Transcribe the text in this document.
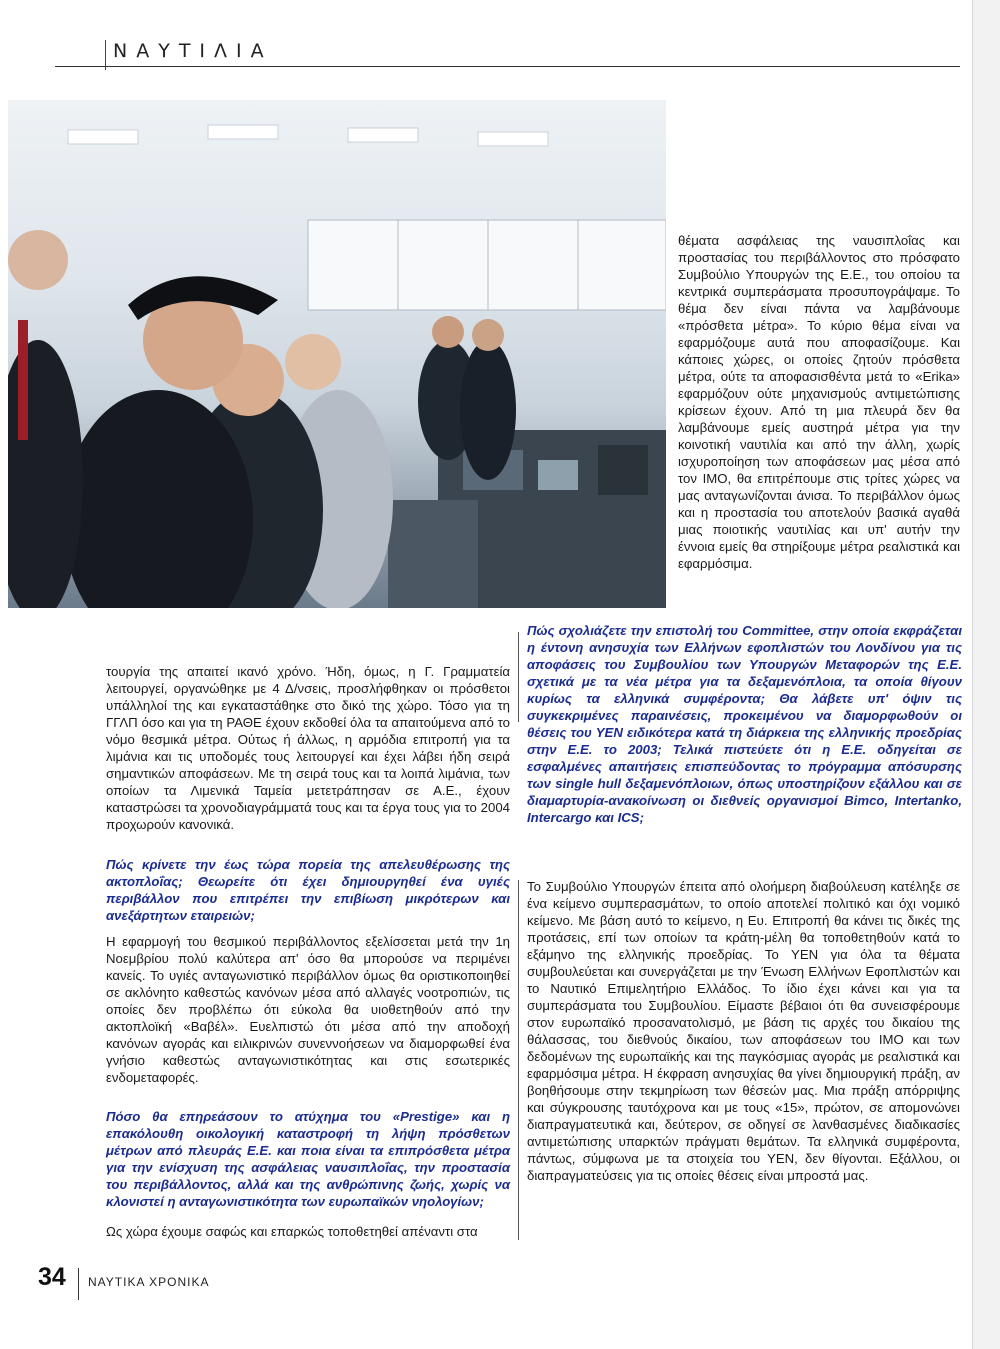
ΝΑΥΤΙΛΙΑ

θέματα ασφάλειας της ναυσιπλοΐας και προστασίας του περιβάλλοντος στο πρόσφατο Συμβούλιο Υπουργών της Ε.Ε., του οποίου τα κεντρικά συμπεράσματα προσυπογράψαμε. Το θέμα δεν είναι πάντα να λαμβάνουμε «πρόσθετα μέτρα». Το κύριο θέμα είναι να εφαρμόζουμε αυτά που αποφασίζουμε. Και κάποιες χώρες, οι οποίες ζητούν πρόσθετα μέτρα, ούτε τα αποφασισθέντα μετά το «Erika» εφαρμόζουν ούτε μηχανισμούς αντιμετώπισης κρίσεων έχουν. Από τη μια πλευρά δεν θα λαμβάνουμε εμείς αυστηρά μέτρα για την κοινοτική ναυτιλία και από την άλλη, χωρίς ισχυροποίηση των αποφάσεων μας μέσα από τον IMO, θα επιτρέπουμε στις τρίτες χώρες να μας ανταγωνίζονται άνισα. Το περιβάλλον όμως και η προστασία του αποτελούν βασικά αγαθά μιας ποιοτικής ναυτιλίας και υπ' αυτήν την έννοια εμείς θα στηρίξουμε μέτρα ρεαλιστικά και εφαρμόσιμα.

Πώς σχολιάζετε την επιστολή του Committee, στην οποία εκφράζεται η έντονη ανησυχία των Ελλήνων εφοπλιστών του Λονδίνου για τις αποφάσεις του Συμβουλίου των Υπουργών Μεταφορών της Ε.Ε. σχετικά με τα νέα μέτρα για τα δεξαμενόπλοια, τα οποία θίγουν κυρίως τα ελληνικά συμφέροντα; Θα λάβετε υπ' όψιν τις συγκεκριμένες παραινέσεις, προκειμένου να διαμορφωθούν οι θέσεις του ΥΕΝ ειδικότερα κατά τη διάρκεια της ελληνικής προεδρίας στην Ε.Ε. το 2003; Τελικά πιστεύετε ότι η Ε.Ε. οδηγείται σε εσφαλμένες απαιτήσεις επισπεύδοντας το πρόγραμμα απόσυρσης των single hull δεξαμενόπλοιων, όπως υποστηρίζουν εξάλλου και σε διαμαρτυρία-ανακοίνωση οι διεθνείς οργανισμοί Bimco, Intertanko, Intercargo και ICS;

Το Συμβούλιο Υπουργών έπειτα από ολοήμερη διαβούλευση κατέληξε σε ένα κείμενο συμπερασμάτων, το οποίο αποτελεί πολιτικό και όχι νομικό κείμενο. Με βάση αυτό το κείμενο, η Ευ. Επιτροπή θα κάνει τις δικές της προτάσεις, επί των οποίων τα κράτη-μέλη θα τοποθετηθούν κατά το εξάμηνο της ελληνικής προεδρίας. Το ΥΕΝ για όλα τα θέματα συμβουλεύεται και συνεργάζεται με την Ένωση Ελλήνων Εφοπλιστών και το Ναυτικό Επιμελητήριο Ελλάδος. Το ίδιο έχει κάνει και για τα συμπεράσματα του Συμβουλίου. Είμαστε βέβαιοι ότι θα συνεισφέρουμε στον ευρωπαϊκό προσανατολισμό, με βάση τις αρχές του δικαίου της θάλασσας, του διεθνούς δικαίου, των αποφάσεων του IMO και των δεδομένων της ευρωπαϊκής και της παγκόσμιας αγοράς με ρεαλιστικά και εφαρμόσιμα μέτρα. Η έκφραση ανησυχίας θα γίνει δημιουργική πράξη, αν βοηθήσουμε στην τεκμηρίωση των θέσεών μας. Μια πράξη απόρριψης και σύγκρουσης ταυτόχρονα και με τους «15», πρώτον, σε απομονώνει διαπραγματευτικά και, δεύτερον, σε οδηγεί σε λανθασμένες διαδικασίες αντιμετώπισης υπαρκτών πράγματι θεμάτων. Τα ελληνικά συμφέροντα, πάντως, σύμφωνα με τα στοιχεία του ΥΕΝ, δεν θίγονται. Εξάλλου, οι διαπραγματεύσεις για τις οποίες θέσεις είναι μπροστά μας.

τουργία της απαιτεί ικανό χρόνο. Ήδη, όμως, η Γ. Γραμματεία λειτουργεί, οργανώθηκε με 4 Δ/νσεις, προσλήφθηκαν οι πρόσθετοι υπάλληλοί της και εγκαταστάθηκε στο δικό της χώρο. Τόσο για τη ΓΓΛΠ όσο και για τη ΡΑΘΕ έχουν εκδοθεί όλα τα απαιτούμενα από το νόμο θεσμικά μέτρα. Ούτως ή άλλως, η αρμόδια επιτροπή για τα λιμάνια και τις υποδομές τους λειτουργεί και έχει λάβει ήδη σειρά σημαντικών αποφάσεων. Με τη σειρά τους και τα λοιπά λιμάνια, των οποίων τα Λιμενικά Ταμεία μετετράπησαν σε Α.Ε., έχουν καταστρώσει τα χρονοδιαγράμματά τους και τα έργα τους για το 2004 προχωρούν κανονικά.

Πώς κρίνετε την έως τώρα πορεία της απελευθέρωσης της ακτοπλοΐας; Θεωρείτε ότι έχει δημιουργηθεί ένα υγιές περιβάλλον που επιτρέπει την επιβίωση μικρότερων και ανεξάρτητων εταιρειών;

Η εφαρμογή του θεσμικού περιβάλλοντος εξελίσσεται μετά την 1η Νοεμβρίου πολύ καλύτερα απ' όσο θα μπορούσε να περιμένει κανείς. Το υγιές ανταγωνιστικό περιβάλλον όμως θα οριστικοποιηθεί σε ακλόνητο καθεστώς κανόνων μέσα από αλλαγές νοοτροπιών, τις οποίες δεν προβλέπω ότι εύκολα θα υιοθετηθούν από την ακτοπλοϊκή «Βαβέλ». Ευελπιστώ ότι μέσα από την αποδοχή κανόνων αγοράς και ειλικρινών συνεννοήσεων να διαμορφωθεί ένα γνήσιο καθεστώς ανταγωνιστικότητας και στις εσωτερικές ενδομεταφορές.

Πόσο θα επηρεάσουν το ατύχημα του «Prestige» και η επακόλουθη οικολογική καταστροφή τη λήψη πρόσθετων μέτρων από πλευράς Ε.Ε. και ποια είναι τα επιπρόσθετα μέτρα για την ενίσχυση της ασφάλειας ναυσιπλοΐας, την προστασία του περιβάλλοντος, αλλά και της ανθρώπινης ζωής, χωρίς να κλονιστεί η ανταγωνιστικότητα των ευρωπαϊκών νηολογίων;

Ως χώρα έχουμε σαφώς και επαρκώς τοποθετηθεί απέναντι στα

34 ΝΑΥΤΙΚΑ ΧΡΟΝΙΚΑ
